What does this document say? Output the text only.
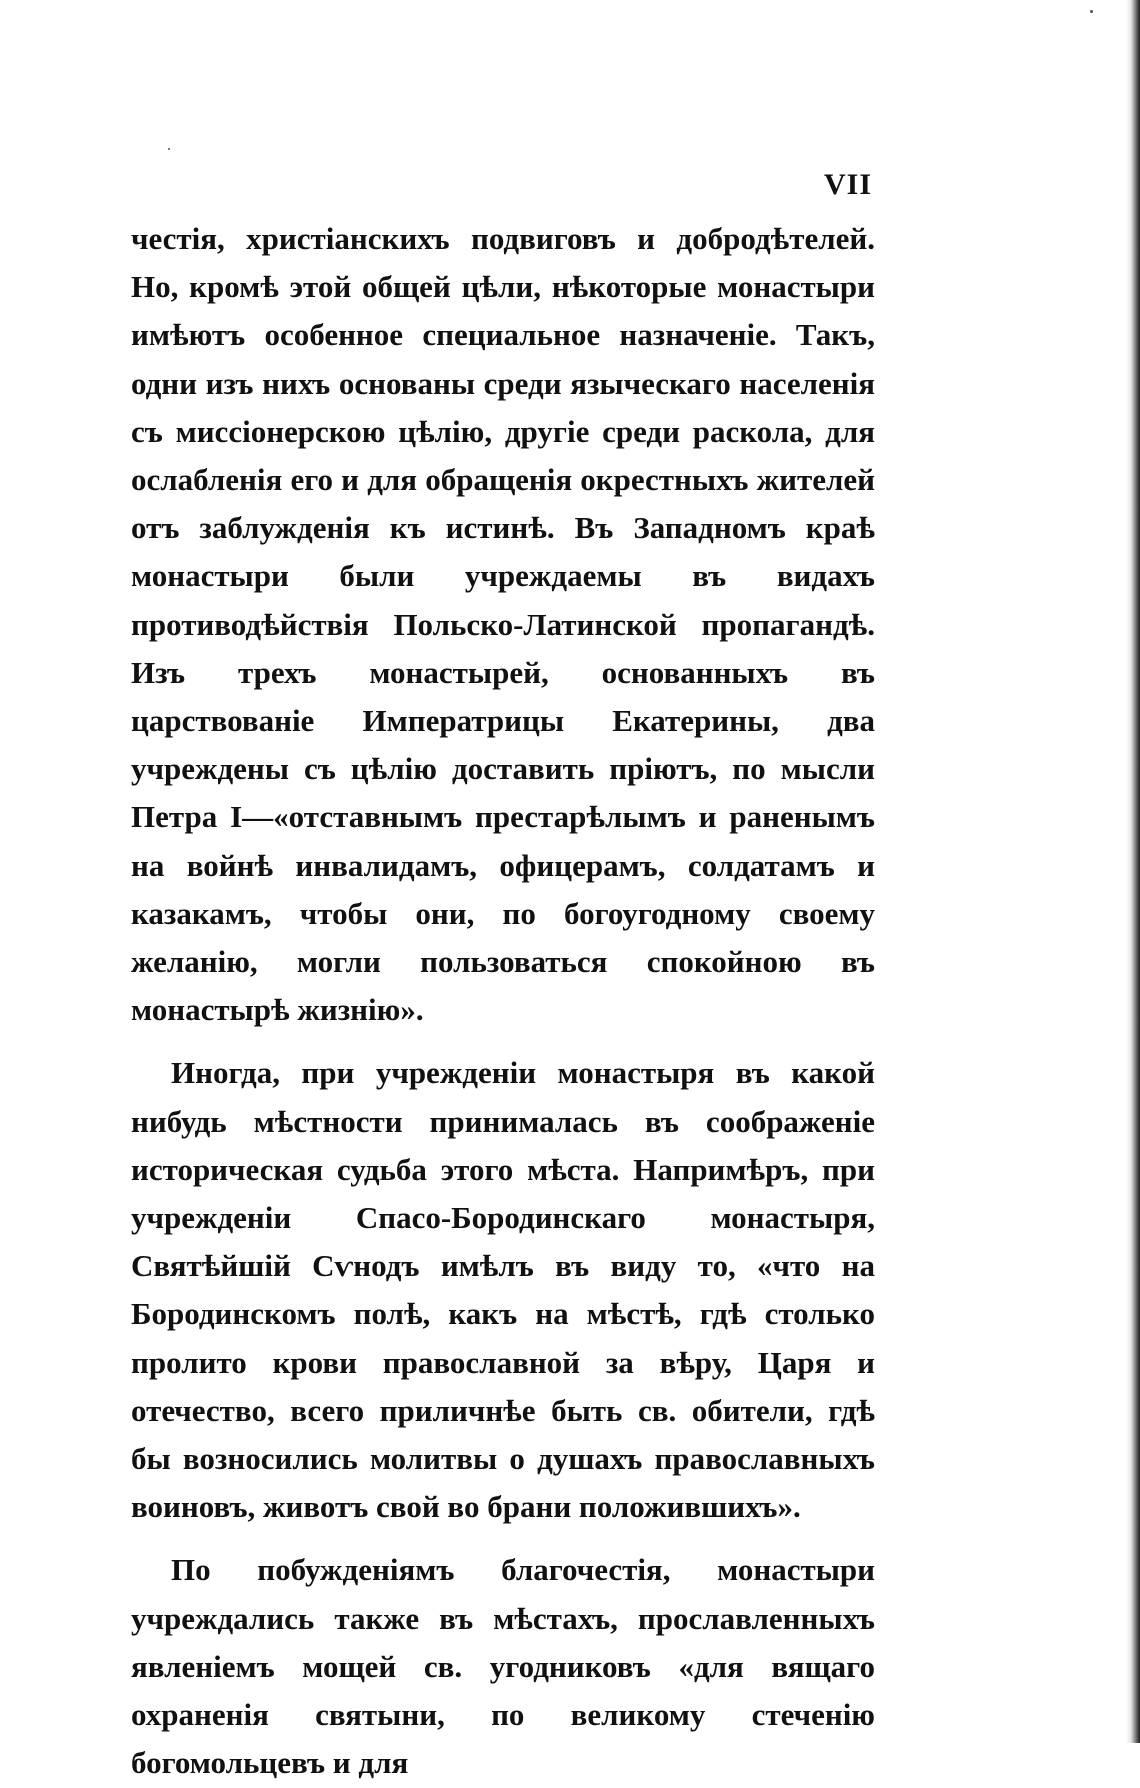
VII

честія, христіанскихъ подвиговъ и добродѣтелей. Но, кромѣ этой общей цѣли, нѣкоторые монастыри имѣютъ особенное специальное назначеніе. Такъ, одни изъ нихъ основаны среди языческаго населенія съ миссіонерскою цѣлію, другіе среди раскола, для ослабленія его и для обращенія окрестныхъ жителей отъ заблужденія къ истинѣ. Въ Западномъ краѣ монастыри были учреждаемы въ видахъ противодѣйствія Польско-Латинской пропагандѣ. Изъ трехъ монастырей, основанныхъ въ царствованіе Императрицы Екатерины, два учреждены съ цѣлію доставить пріютъ, по мысли Петра I—«отставнымъ престарѣлымъ и раненымъ на войнѣ инвалидамъ, офицерамъ, солдатамъ и казакамъ, чтобы они, по богоугодному своему желанію, могли пользоваться спокойною въ монастырѣ жизнію».

Иногда, при учрежденіи монастыря въ какой нибудь мѣстности принималась въ соображеніе историческая судьба этого мѣста. Напримѣръ, при учрежденіи Спасо-Бородинскаго монастыря, Святѣйшій Сѵнодъ имѣлъ въ виду то, «что на Бородинскомъ полѣ, какъ на мѣстѣ, гдѣ столько пролито крови православной за вѣру, Царя и отечество, всего приличнѣе быть св. обители, гдѣ бы возносились молитвы о душахъ православныхъ воиновъ, животъ свой во брани положившихъ».

По побужденіямъ благочестія, монастыри учреждались также въ мѣстахъ, прославленныхъ явленіемъ мощей св. угодниковъ «для вящаго охраненія святыни, по великому стеченію богомольцевъ и для
